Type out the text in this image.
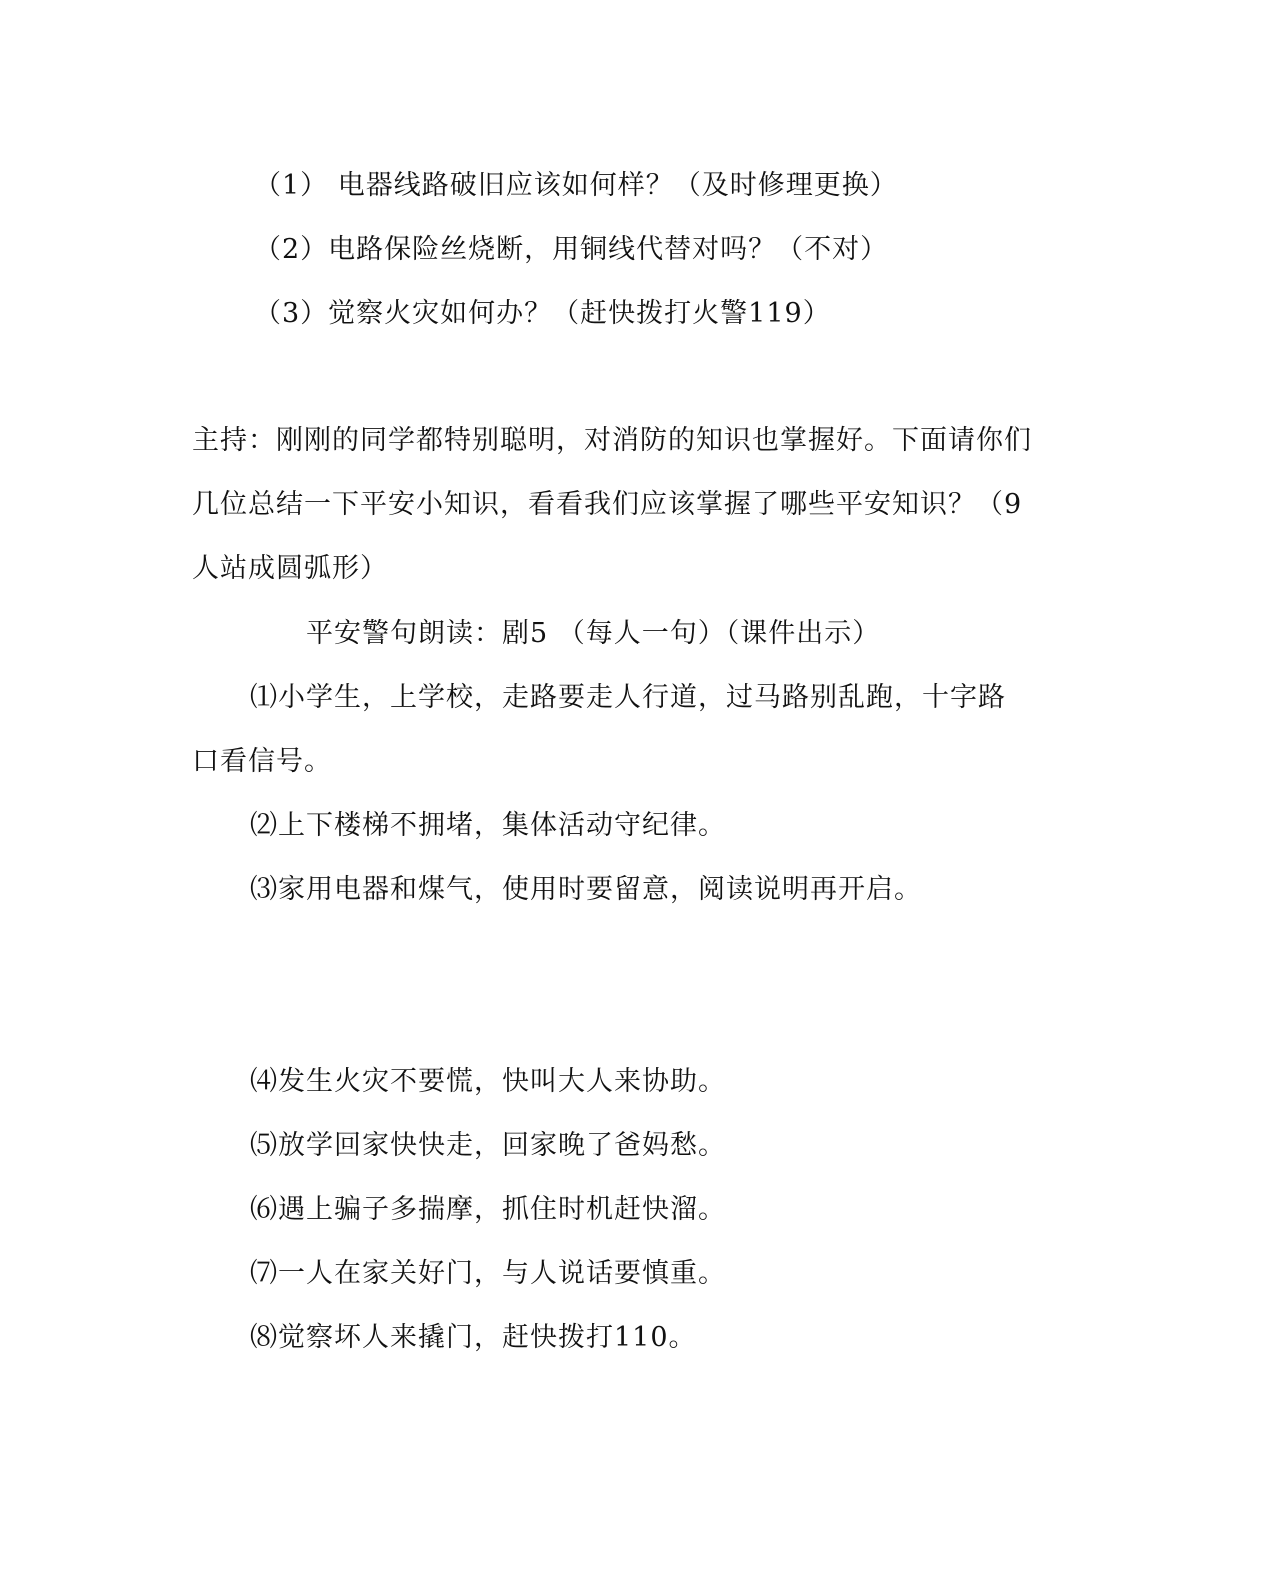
（1） 电器线路破旧应该如何样？（及时修理更换）
（2）电路保险丝烧断，用铜线代替对吗？（不对）
（3）觉察火灾如何办？（赶快拨打火警119）
主持：刚刚的同学都特别聪明，对消防的知识也掌握好。下面请你们
几位总结一下平安小知识，看看我们应该掌握了哪些平安知识？（9
人站成圆弧形）
平安警句朗读：剧5 （每人一句）（课件出示）
⑴小学生，上学校，走路要走人行道，过马路别乱跑，十字路
口看信号。
⑵上下楼梯不拥堵，集体活动守纪律。
⑶家用电器和煤气，使用时要留意，阅读说明再开启。
⑷发生火灾不要慌，快叫大人来协助。
⑸放学回家快快走，回家晚了爸妈愁。
⑹遇上骗子多揣摩，抓住时机赶快溜。
⑺一人在家关好门，与人说话要慎重。
⑻觉察坏人来撬门，赶快拨打110。
